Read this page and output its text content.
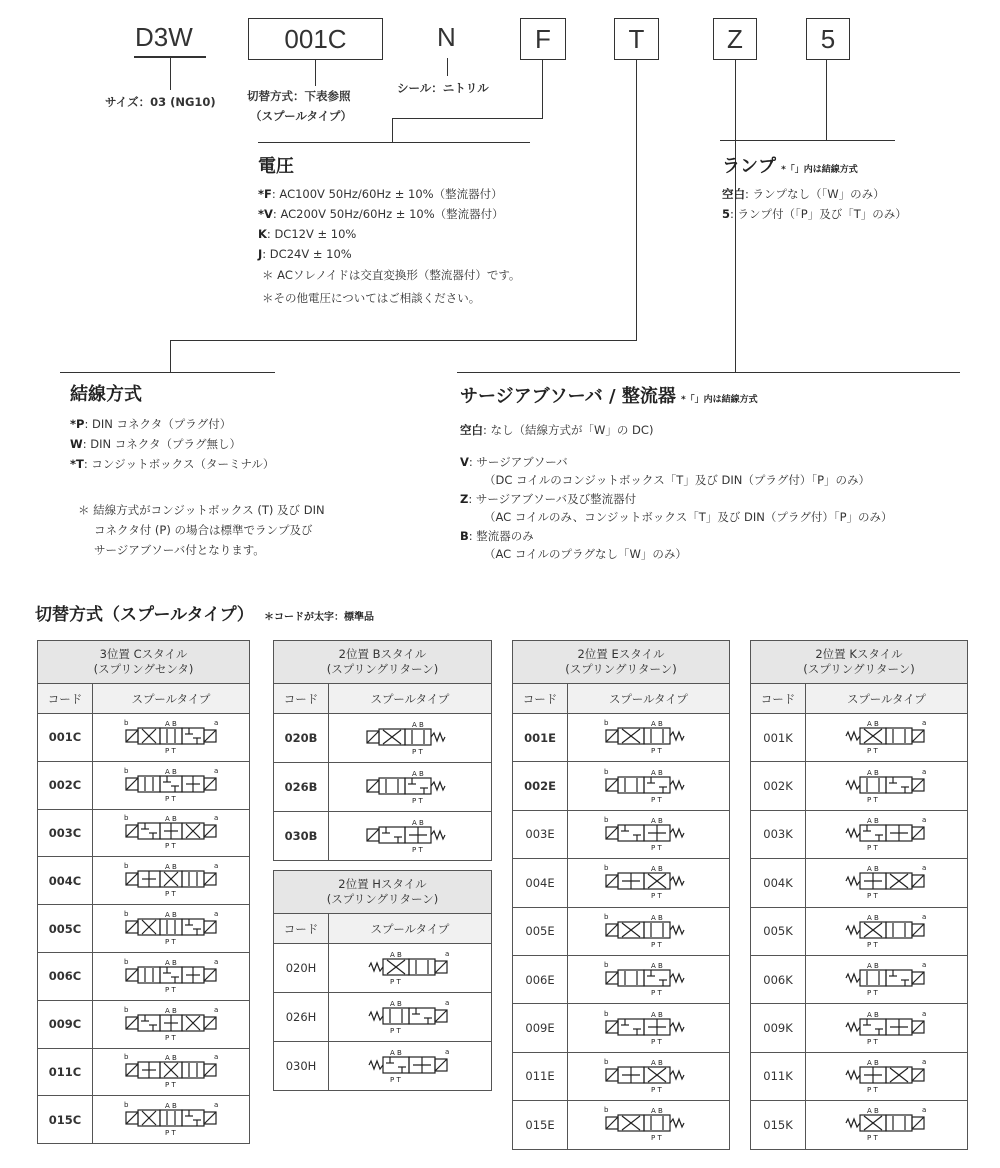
D3W	001C	N	F	T	Z	5
サイズ：03 (NG10)	切替方式：下表参照
（スプールタイプ）
シール：ニトリル
電圧
*F: AC100V 50Hz/60Hz ± 10%（整流器付）
*V: AC200V 50Hz/60Hz ± 10%（整流器付）
K: DC12V ± 10%
J: DC24V ± 10%
＊ ACソレノイドは交直変換形（整流器付）です。
＊その他電圧についてはご相談ください。
ランプ *「」内は結線方式
空白: ランプなし（「W」のみ）
5: ランプ付（「P」及び「T」のみ）
結線方式
*P: DIN コネクタ（プラグ付）
W: DIN コネクタ（プラグ無し）
*T: コンジットボックス（ターミナル）
＊ 結線方式がコンジットボックス (T) 及び DIN
コネクタ付 (P) の場合は標準でランプ及び
サージアブソーバ付となります。
サージアブソーバ / 整流器 *「」内は結線方式
空白: なし（結線方式が「W」の DC)
V: サージアブソーバ
（DC コイルのコンジットボックス「T」及び DIN（プラグ付）「P」のみ）
Z: サージアブソーバ及び整流器付
（AC コイルのみ、コンジットボックス「T」及び DIN（プラグ付）「P」のみ）
B: 整流器のみ
（AC コイルのプラグなし「W」のみ）
切替方式（スプールタイプ） ＊コードが太字：標準品
3位置 Cスタイル
(スプリングセンタ)	

コード	スプールタイプ
001C	A B
P T
b a

002C	A B
P T
b a

003C	A B
P T
b a

004C	A B
P T
b a

005C	A B
P T
b a

006C	A B
P T
b a

009C	A B
P T
b a

011C	A B
P T
b a

015C	A B
P T
b a
2位置 Bスタイル
(スプリングリターン)	

コード	スプールタイプ
020B	A B
P T

026B	A B
P T

030B	A B
P T
2位置 Hスタイル
(スプリングリターン)	

コード	スプールタイプ
020H	A B
P T
a

026H	A B
P T
a

030H	A B
P T
a
2位置 Eスタイル
(スプリングリターン)	

コード	スプールタイプ
001E	A B
P T
b

002E	A B
P T
b

003E	A B
P T
b

004E	A B
P T
b

005E	A B
P T
b

006E	A B
P T
b

009E	A B
P T
b

011E	A B
P T
b

015E	A B
P T
b
2位置 Kスタイル
(スプリングリターン)	

コード	スプールタイプ
001K	A B
P T
a

002K	A B
P T
a

003K	A B
P T
a

004K	A B
P T
a

005K	A B
P T
a

006K	A B
P T
a

009K	A B
P T
a

011K	A B
P T
a

015K	A B
P T
a
